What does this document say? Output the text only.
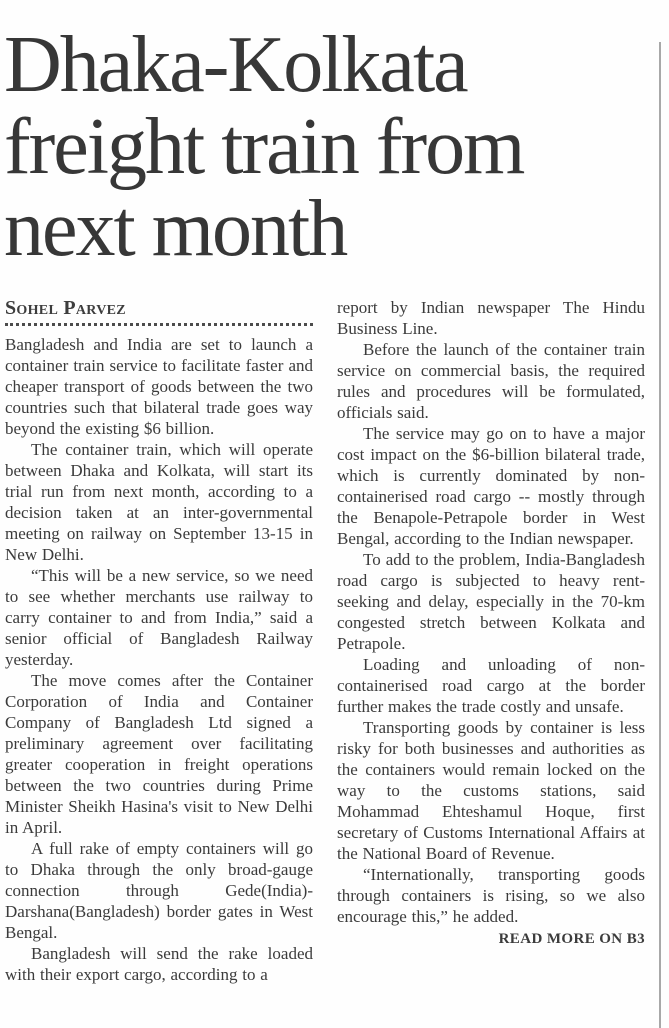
Dhaka-Kolkata
freight train from
next month
Sohel Parvez
Bangladesh and India are set to launch a container train service to facilitate faster and cheaper transport of goods between the two countries such that bilateral trade goes way beyond the existing $6 billion.
The container train, which will operate between Dhaka and Kolkata, will start its trial run from next month, according to a decision taken at an inter-governmental meeting on railway on September 13-15 in New Delhi.
“This will be a new service, so we need to see whether merchants use railway to carry container to and from India,” said a senior official of Bangladesh Railway yesterday.
The move comes after the Container Corporation of India and Container Company of Bangladesh Ltd signed a preliminary agreement over facilitating greater cooperation in freight operations between the two countries during Prime Minister Sheikh Hasina's visit to New Delhi in April.
A full rake of empty containers will go to Dhaka through the only broad-gauge connection through Gede(India)-Darshana(Bangladesh) border gates in West Bengal.
Bangladesh will send the rake loaded with their export cargo, according to a
report by Indian newspaper The Hindu Business Line.
Before the launch of the container train service on commercial basis, the required rules and procedures will be formulated, officials said.
The service may go on to have a major cost impact on the $6-billion bilateral trade, which is currently dominated by non-containerised road cargo -- mostly through the Benapole-Petrapole border in West Bengal, according to the Indian newspaper.
To add to the problem, India-Bangladesh road cargo is subjected to heavy rent-seeking and delay, especially in the 70-km congested stretch between Kolkata and Petrapole.
Loading and unloading of non-containerised road cargo at the border further makes the trade costly and unsafe.
Transporting goods by container is less risky for both businesses and authorities as the containers would remain locked on the way to the customs stations, said Mohammad Ehteshamul Hoque, first secretary of Customs International Affairs at the National Board of Revenue.
“Internationally, transporting goods through containers is rising, so we also encourage this,” he added.
READ MORE ON B3
